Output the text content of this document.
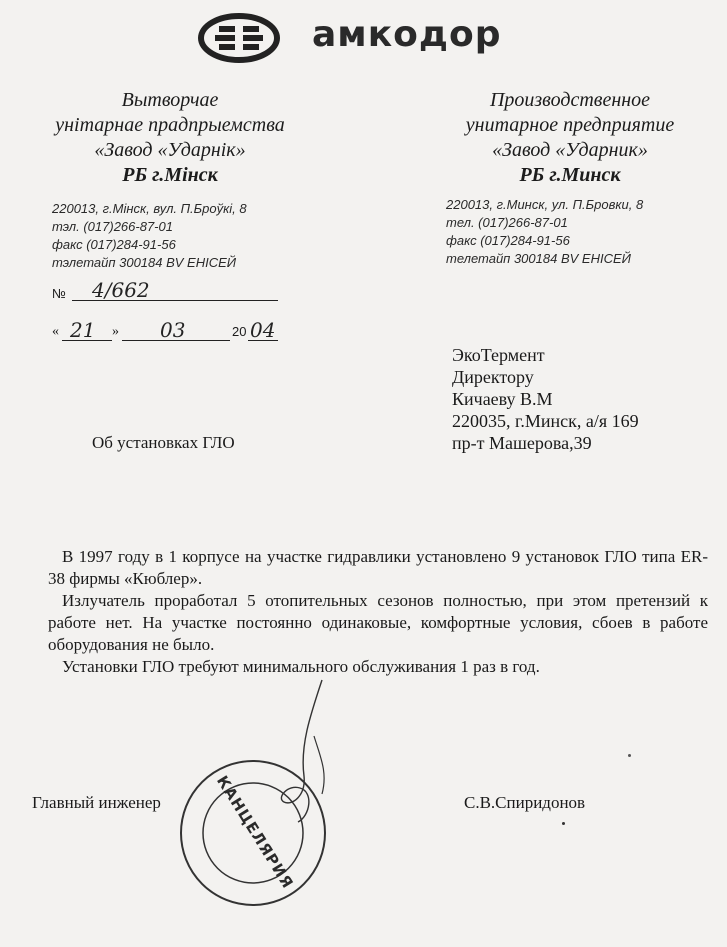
амкодор
Вытворчае
унітарнае прадпрыемства
«Завод «Ударнік»
РБ г.Мінск
220013, г.Мінск, вул. П.Броўкі, 8
тэл. (017)266-87-01
факс (017)284-91-56
тэлетайп 300184 BV ЕНІСЕЙ
Производственное
унитарное предприятие
«Завод «Ударник»
РБ г.Минск
220013, г.Минск, ул. П.Бровки, 8
тел. (017)266-87-01
факс (017)284-91-56
телетайп 300184 BV ЕНІСЕЙ
№ 4/662
« 21 » 03	20 04
ЭкоТермент
Директору
Кичаеву В.М
220035, г.Минск, а/я 169
пр-т Машерова,39
Об установках ГЛО

В 1997 году в 1 корпусе на участке гидравлики установлено 9 установок ГЛО типа ER-38 фирмы «Кюблер».

Излучатель проработал 5 отопительных сезонов полностью, при этом претензий к работе нет. На участке постоянно одинаковые, комфортные условия, сбоев в работе оборудования не было.

Установки ГЛО требуют минимального обслуживания 1 раз в год.

КАНЦЕЛЯРИЯ
Главный инженер	С.В.Спиридонов
